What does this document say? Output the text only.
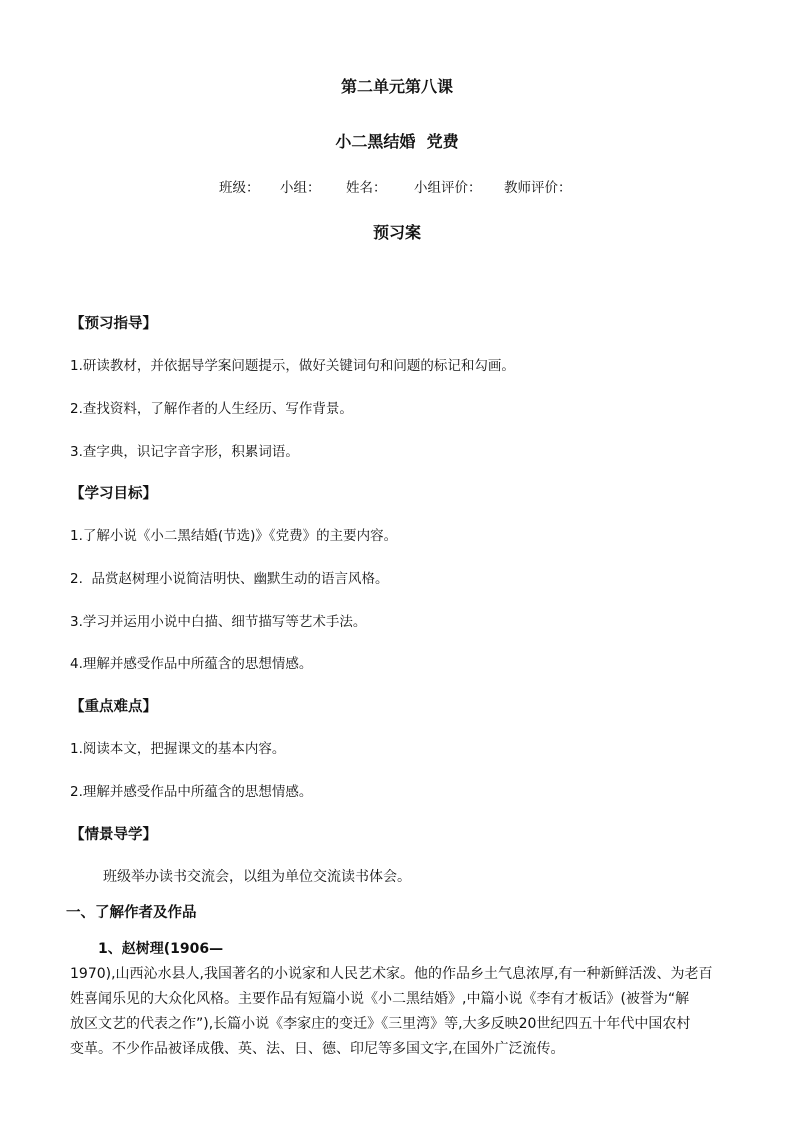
第二单元第八课
小二黑结婚  党费
班级： 小组： 姓名： 小组评价： 教师评价：
预习案
【预习指导】
1.研读教材，并依据导学案问题提示，做好关键词句和问题的标记和勾画。
2.查找资料，了解作者的人生经历、写作背景。
3.查字典，识记字音字形，积累词语。
【学习目标】
1.了解小说《小二黑结婚(节选)》《党费》的主要内容。
2.  品赏赵树理小说简洁明快、幽默生动的语言风格。
3.学习并运用小说中白描、细节描写等艺术手法。
4.理解并感受作品中所蕴含的思想情感。
【重点难点】
1.阅读本文，把握课文的基本内容。
2.理解并感受作品中所蕴含的思想情感。
【情景导学】
班级举办读书交流会，以组为单位交流读书体会。
一、了解作者及作品

1、赵树理(1906—

1970),山西沁水县人,我国著名的小说家和人民艺术家。他的作品乡土气息浓厚,有一种新鲜活泼、为老百

姓喜闻乐见的大众化风格。主要作品有短篇小说《小二黑结婚》,中篇小说《李有才板话》(被誉为“解

放区文艺的代表之作”),长篇小说《李家庄的变迁》《三里湾》等,大多反映20世纪四五十年代中国农村

变革。不少作品被译成俄、英、法、日、德、印尼等多国文字,在国外广泛流传。
